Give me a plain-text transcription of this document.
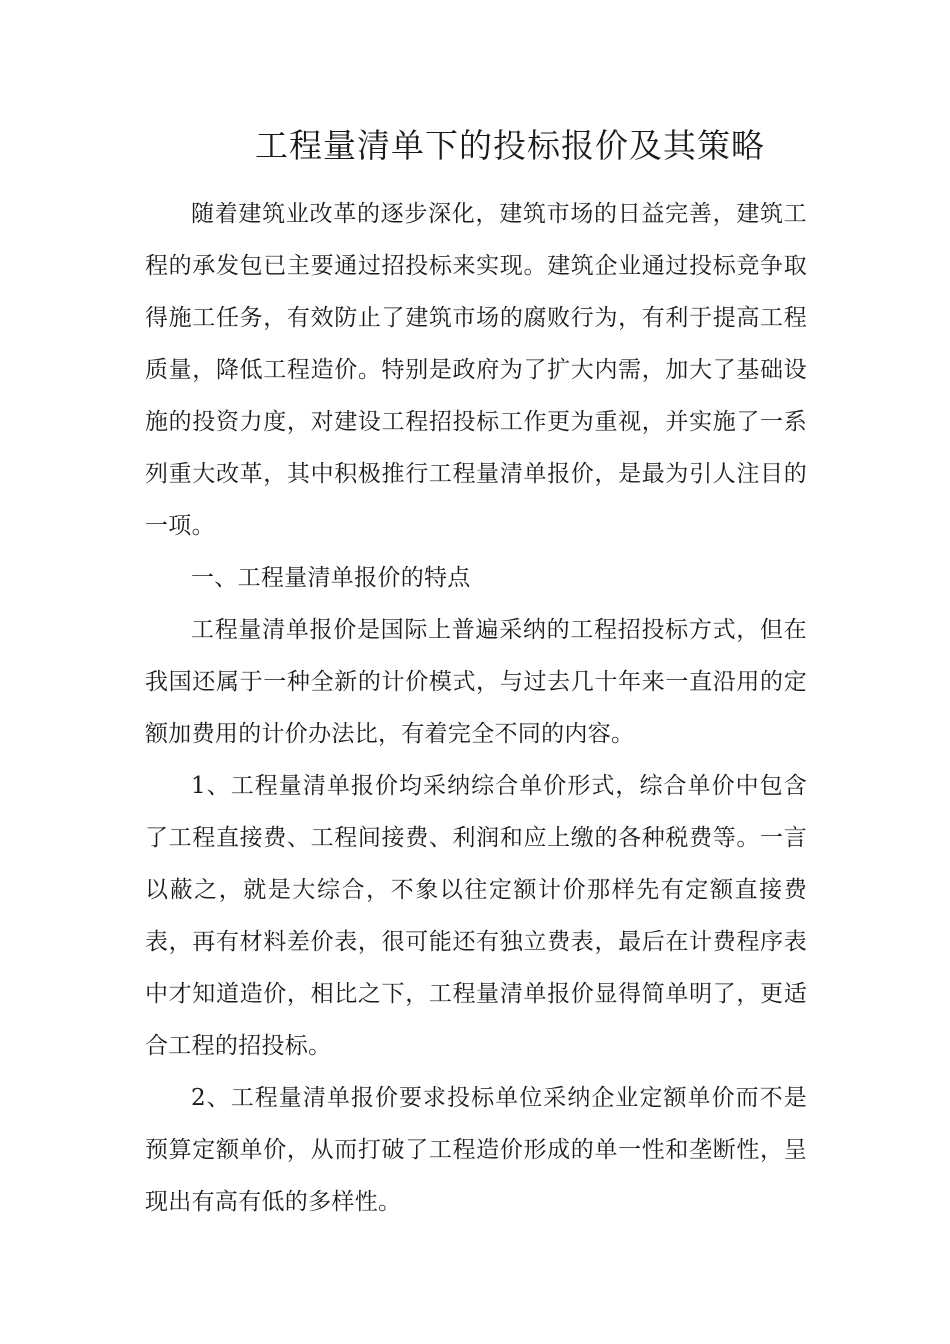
工程量清单下的投标报价及其策略

随着建筑业改革的逐步深化，建筑市场的日益完善，建筑工程的承发包已主要通过招投标来实现。建筑企业通过投标竞争取得施工任务，有效防止了建筑市场的腐败行为，有利于提高工程质量，降低工程造价。特别是政府为了扩大内需，加大了基础设施的投资力度，对建设工程招投标工作更为重视，并实施了一系列重大改革，其中积极推行工程量清单报价，是最为引人注目的一项。

一、工程量清单报价的特点

工程量清单报价是国际上普遍采纳的工程招投标方式，但在我国还属于一种全新的计价模式，与过去几十年来一直沿用的定额加费用的计价办法比，有着完全不同的内容。

1、工程量清单报价均采纳综合单价形式，综合单价中包含了工程直接费、工程间接费、利润和应上缴的各种税费等。一言以蔽之，就是大综合，不象以往定额计价那样先有定额直接费表，再有材料差价表，很可能还有独立费表，最后在计费程序表中才知道造价，相比之下，工程量清单报价显得简单明了，更适合工程的招投标。

2、工程量清单报价要求投标单位采纳企业定额单价而不是预算定额单价，从而打破了工程造价形成的单一性和垄断性，呈现出有高有低的多样性。
